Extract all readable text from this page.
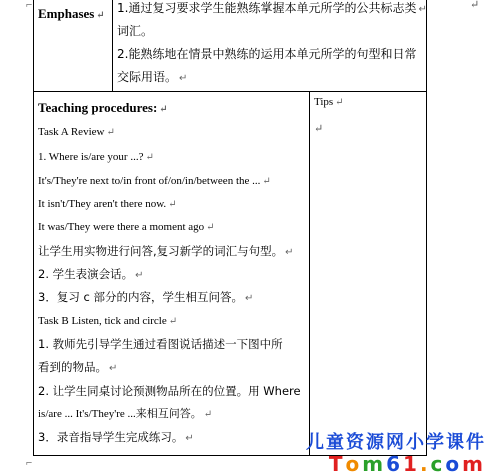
⌐	↵
⌐
Emphases ↵
1.通过复习要求学生能熟练掌握本单元所学的公共标志类 ↵
词汇。
2.能熟练地在情景中熟练的运用本单元所学的句型和日常
交际用语。 ↵
Teaching procedures: ↵
Tips ↵
↵
Task A Review ↵
1. Where is/are your ...? ↵
It's/They're next to/in front of/on/in/between the ... ↵
It isn't/They aren't there now. ↵
It was/They were there a moment ago ↵
让学生用实物进行问答,复习新学的词汇与句型。 ↵
2. 学生表演会话。 ↵
3．复习 c 部分的内容，学生相互问答。 ↵
Task B Listen, tick and circle ↵
1. 教师先引导学生通过看图说话描述一下图中所
看到的物品。 ↵
2. 让学生同桌讨论预测物品所在的位置。用 Where
is/are ... It's/They're ...来相互问答。 ↵
3．录音指导学生完成练习。 ↵	儿童资源网小学课件
T o m 6 1 . c o m
